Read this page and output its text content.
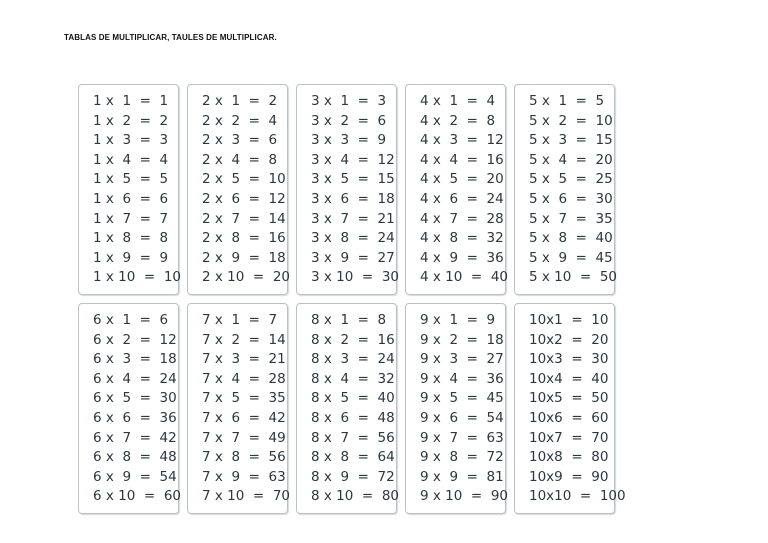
TABLAS DE MULTIPLICAR, TAULES DE MULTIPLICAR.
1 x  1  =  1
1 x  2  =  2
1 x  3  =  3
1 x  4  =  4
1 x  5  =  5
1 x  6  =  6
1 x  7  =  7
1 x  8  =  8
1 x  9  =  9
1 x 10  =  10
2 x  1  =  2
2 x  2  =  4
2 x  3  =  6
2 x  4  =  8
2 x  5  =  10
2 x  6  =  12
2 x  7  =  14
2 x  8  =  16
2 x  9  =  18
2 x 10  =  20
3 x  1  =  3
3 x  2  =  6
3 x  3  =  9
3 x  4  =  12
3 x  5  =  15
3 x  6  =  18
3 x  7  =  21
3 x  8  =  24
3 x  9  =  27
3 x 10  =  30
4 x  1  =  4
4 x  2  =  8
4 x  3  =  12
4 x  4  =  16
4 x  5  =  20
4 x  6  =  24
4 x  7  =  28
4 x  8  =  32
4 x  9  =  36
4 x 10  =  40
5 x  1  =  5
5 x  2  =  10
5 x  3  =  15
5 x  4  =  20
5 x  5  =  25
5 x  6  =  30
5 x  7  =  35
5 x  8  =  40
5 x  9  =  45
5 x 10  =  50
6 x  1  =  6
6 x  2  =  12
6 x  3  =  18
6 x  4  =  24
6 x  5  =  30
6 x  6  =  36
6 x  7  =  42
6 x  8  =  48
6 x  9  =  54
6 x 10  =  60
7 x  1  =  7
7 x  2  =  14
7 x  3  =  21
7 x  4  =  28
7 x  5  =  35
7 x  6  =  42
7 x  7  =  49
7 x  8  =  56
7 x  9  =  63
7 x 10  =  70
8 x  1  =  8
8 x  2  =  16
8 x  3  =  24
8 x  4  =  32
8 x  5  =  40
8 x  6  =  48
8 x  7  =  56
8 x  8  =  64
8 x  9  =  72
8 x 10  =  80
9 x  1  =  9
9 x  2  =  18
9 x  3  =  27
9 x  4  =  36
9 x  5  =  45
9 x  6  =  54
9 x  7  =  63
9 x  8  =  72
9 x  9  =  81
9 x 10  =  90
10x1  =  10
10x2  =  20
10x3  =  30
10x4  =  40
10x5  =  50
10x6  =  60
10x7  =  70
10x8  =  80
10x9  =  90
10x10  =  100
